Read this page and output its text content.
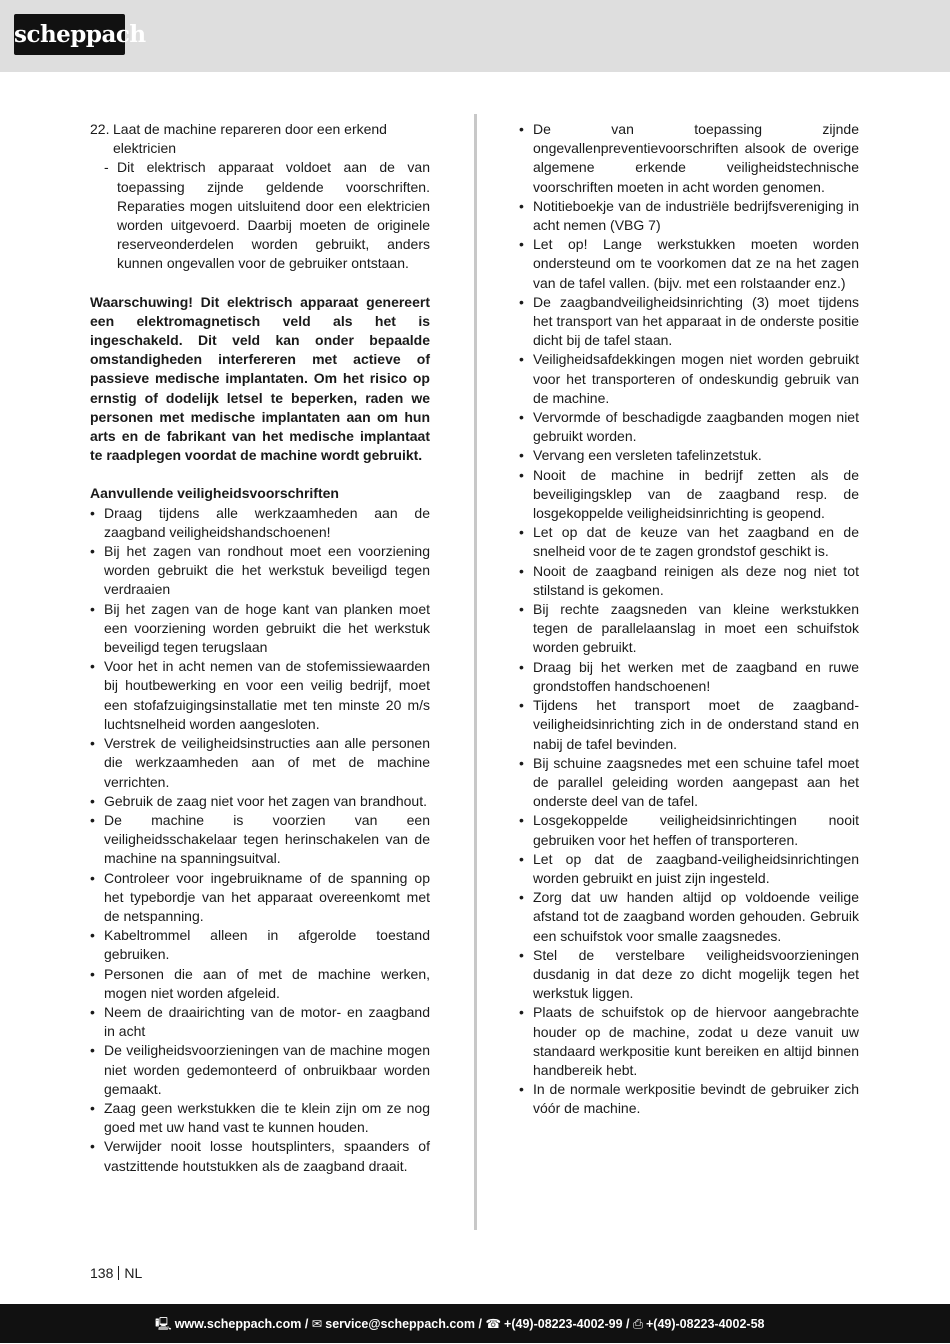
scheppach
22. Laat de machine repareren door een erkend elektricien
- Dit elektrisch apparaat voldoet aan de van toepassing zijnde geldende voorschriften. Reparaties mogen uitsluitend door een elektricien worden uitgevoerd. Daarbij moeten de originele reserveonderdelen worden gebruikt, anders kunnen ongevallen voor de gebruiker ontstaan.
Waarschuwing! Dit elektrisch apparaat genereert een elektromagnetisch veld als het is ingeschakeld. Dit veld kan onder bepaalde omstandigheden interfereren met actieve of passieve medische implantaten. Om het risico op ernstig of dodelijk letsel te beperken, raden we personen met medische implantaten aan om hun arts en de fabrikant van het medische implantaat te raadplegen voordat de machine wordt gebruikt.
Aanvullende veiligheidsvoorschriften
• Draag tijdens alle werkzaamheden aan de zaagband veiligheidshandschoenen!
• Bij het zagen van rondhout moet een voorziening worden gebruikt die het werkstuk beveiligd tegen verdraaien
• Bij het zagen van de hoge kant van planken moet een voorziening worden gebruikt die het werkstuk beveiligd tegen terugslaan
• Voor het in acht nemen van de stofemissiewaarden bij houtbewerking en voor een veilig bedrijf, moet een stofafzuigingsinstallatie met ten minste 20 m/s luchtsnelheid worden aangesloten.
• Verstrek de veiligheidsinstructies aan alle personen die werkzaamheden aan of met de machine verrichten.
• Gebruik de zaag niet voor het zagen van brandhout.
• De machine is voorzien van een veiligheidsschakelaar tegen herinschakelen van de machine na spanningsuitval.
• Controleer voor ingebruikname of de spanning op het typebordje van het apparaat overeenkomt met de netspanning.
• Kabeltrommel alleen in afgerolde toestand gebruiken.
• Personen die aan of met de machine werken, mogen niet worden afgeleid.
• Neem de draairichting van de motor- en zaagband in acht
• De veiligheidsvoorzieningen van de machine mogen niet worden gedemonteerd of onbruikbaar worden gemaakt.
• Zaag geen werkstukken die te klein zijn om ze nog goed met uw hand vast te kunnen houden.
• Verwijder nooit losse houtsplinters, spaanders of vastzittende houtstukken als de zaagband draait.
• De van toepassing zijnde ongevallenpreventievoorschriften alsook de overige algemene erkende veiligheidstechnische voorschriften moeten in acht worden genomen.
• Notitieboekje van de industriële bedrijfsvereniging in acht nemen (VBG 7)
• Let op! Lange werkstukken moeten worden ondersteund om te voorkomen dat ze na het zagen van de tafel vallen. (bijv. met een rolstaander enz.)
• De zaagbandveiligheidsinrichting (3) moet tijdens het transport van het apparaat in de onderste positie dicht bij de tafel staan.
• Veiligheidsafdekkingen mogen niet worden gebruikt voor het transporteren of ondeskundig gebruik van de machine.
• Vervormde of beschadigde zaagbanden mogen niet gebruikt worden.
• Vervang een versleten tafelinzetstuk.
• Nooit de machine in bedrijf zetten als de beveiligingsklep van de zaagband resp. de losgekoppelde veiligheidsinrichting is geopend.
• Let op dat de keuze van het zaagband en de snelheid voor de te zagen grondstof geschikt is.
• Nooit de zaagband reinigen als deze nog niet tot stilstand is gekomen.
• Bij rechte zaagsneden van kleine werkstukken tegen de parallelaanslag in moet een schuifstok worden gebruikt.
• Draag bij het werken met de zaagband en ruwe grondstoffen handschoenen!
• Tijdens het transport moet de zaagband-veiligheidsinrichting zich in de onderstand stand en nabij de tafel bevinden.
• Bij schuine zaagsnedes met een schuine tafel moet de parallel geleiding worden aangepast aan het onderste deel van de tafel.
• Losgekoppelde veiligheidsinrichtingen nooit gebruiken voor het heffen of transporteren.
• Let op dat de zaagband-veiligheidsinrichtingen worden gebruikt en juist zijn ingesteld.
• Zorg dat uw handen altijd op voldoende veilige afstand tot de zaagband worden gehouden. Gebruik een schuifstok voor smalle zaagsnedes.
• Stel de verstelbare veiligheidsvoorzieningen dusdanig in dat deze zo dicht mogelijk tegen het werkstuk liggen.
• Plaats de schuifstok op de hiervoor aangebrachte houder op de machine, zodat u deze vanuit uw standaard werkpositie kunt bereiken en altijd binnen handbereik hebt.
• In de normale werkpositie bevindt de gebruiker zich vóór de machine.
138 NL
🖳 www.scheppach.com / ✉ service@scheppach.com / ☎ +(49)-08223-4002-99 / ⎙ +(49)-08223-4002-58
